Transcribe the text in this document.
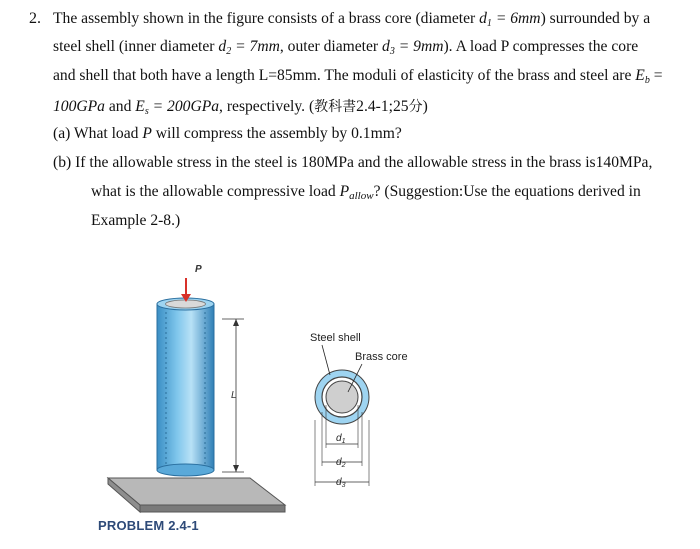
2. The assembly shown in the figure consists of a brass core (diameter $d_1 = 6mm$) surrounded by a
steel shell (inner diameter $d_2 = 7mm$, outer diameter $d_3 = 9mm$). A load P compresses the core
and shell that both have a length L=85mm. The moduli of elasticity of the brass and steel are $E_b$ =
100GPa and $E_s = 200GPa$, respectively. (教科書2.4-1;25分)
(a) What load P will compress the assembly by 0.1mm?
(b) If the allowable stress in the steel is 180MPa and the allowable stress in the brass is140MPa,
what is the allowable compressive load Pallow? (Suggestion:Use the equations derived in
Example 2-8.)
P
L
Steel shell
Brass core
$d_1$
$d_2$
$d_3$
PROBLEM 2.4-1
